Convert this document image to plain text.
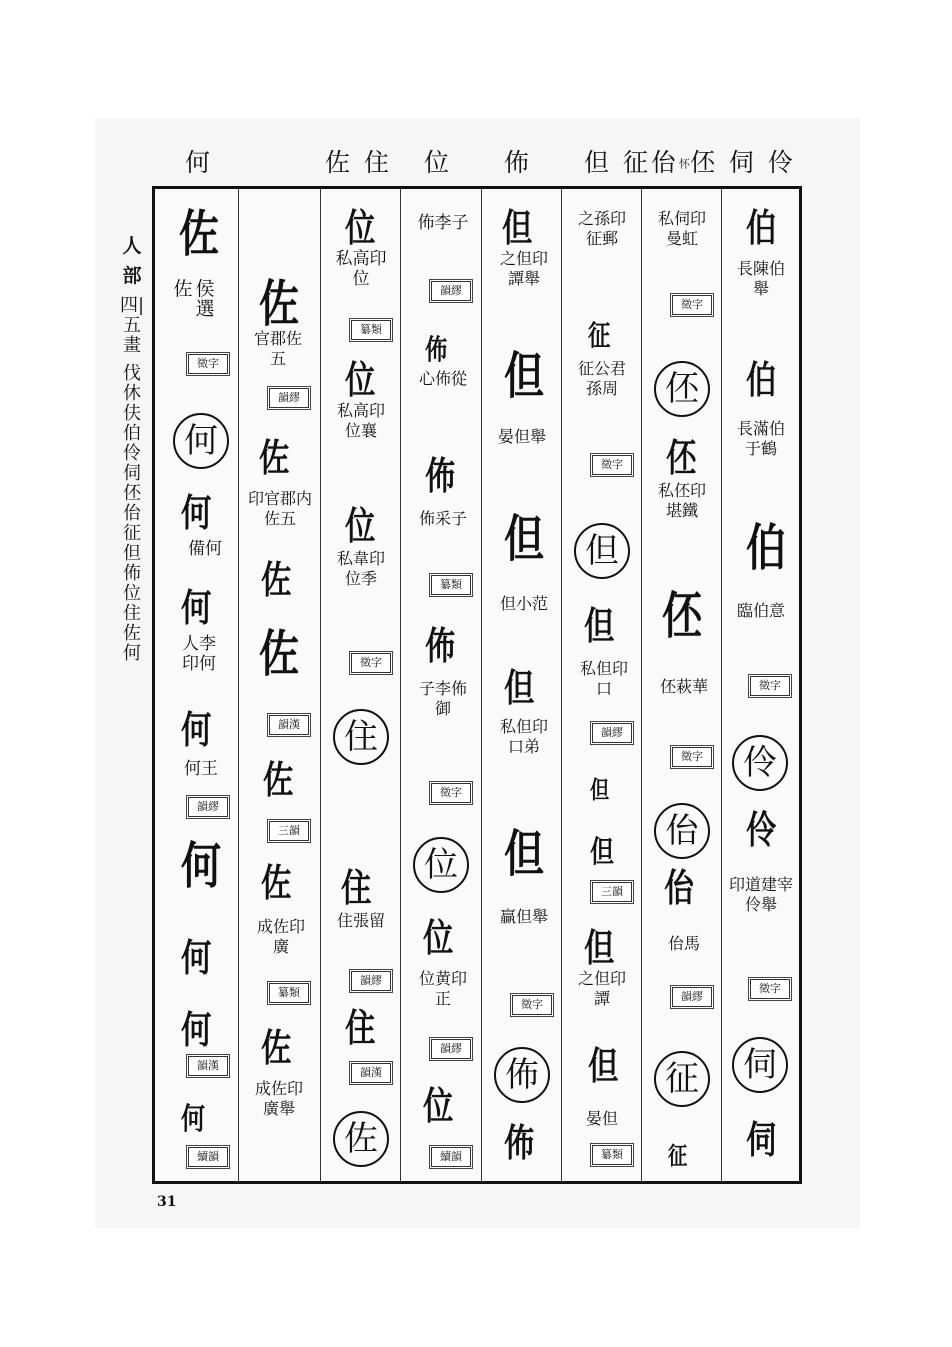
何	佐 住 位 佈 但 征佁怀伾 伺 伶
人
部
四|五畫
伐休伕伯伶伺伾佁征但佈位住佐何
佐
佐 侯選
徵字
何
何
備何
何
人李印何
何
何王
韻繆
何
何
何
韻漢
何
續韻
佐
官郡佐五
韻繆
佐
印官郡内佐五
佐
佐
韻漢
佐
三韻
佐
成佐印廣
纂類
佐
成佐印廣舉
位
私高印位
纂類
位
私高印位襄
位
私韋印位季
徵字
住
住
住張留
韻繆
住
韻漢
佐
佈李子
韻繆
佈
心佈從
佈
佈采子
纂類
佈
子李佈御
徵字
位
位
位黄印正
韻繆
位
續韻
但
之但印譚舉
但
晏但舉
但
但小范
但
私但印口弟
但
贏但舉
徵字
佈
佈
之孫印征郵
征
征公君孫周
徵字
但
但
私但印口
韻繆
但
但
三韻
但
之但印譚
但
晏但
纂類
私伺印曼虹
徵字
伾
伾
私伾印堪鐵
伾
伾萩華
徵字
佁
佁
佁馬
韻繆
征
征
伯
長陳伯舉
伯
長滿伯于鶴
伯
臨伯意
徵字
伶
伶
印道建宰伶舉
徵字
伺
伺
31
